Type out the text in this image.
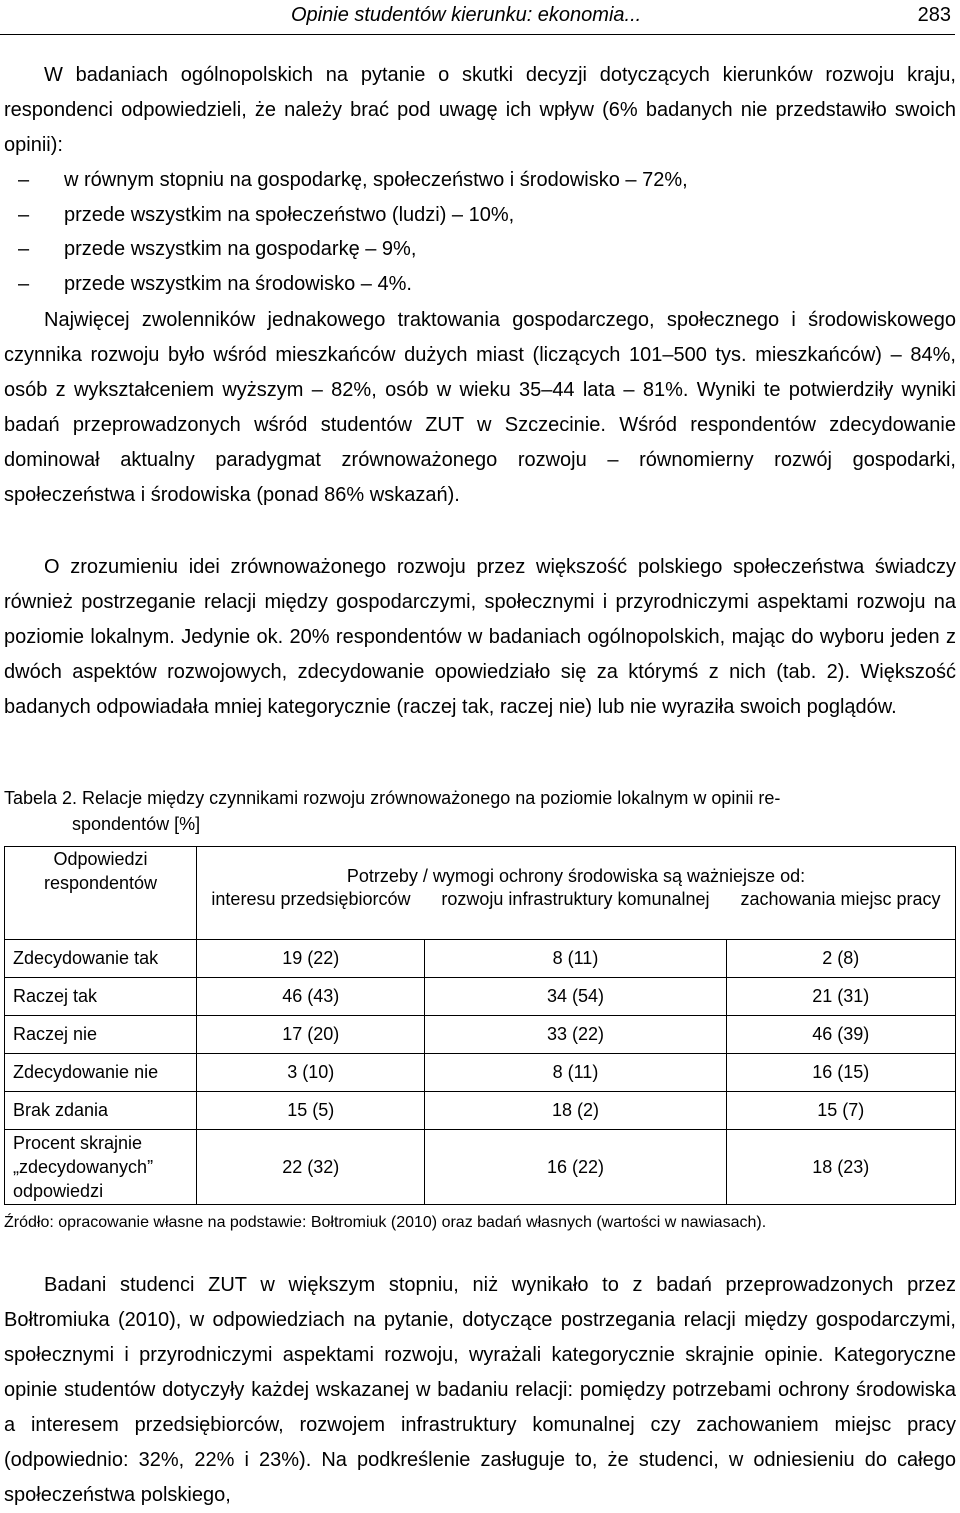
Opinie studentów kierunku: ekonomia...	283
W badaniach ogólnopolskich na pytanie o skutki decyzji dotyczących kierunków rozwoju kraju, respondenci odpowiedzieli, że należy brać pod uwagę ich wpływ (6% badanych nie przedstawiło swoich opinii):
– w równym stopniu na gospodarkę, społeczeństwo i środowisko – 72%,
– przede wszystkim na społeczeństwo (ludzi) – 10%,
– przede wszystkim na gospodarkę – 9%,
– przede wszystkim na środowisko – 4%.
Najwięcej zwolenników jednakowego traktowania gospodarczego, społecznego i środowiskowego czynnika rozwoju było wśród mieszkańców dużych miast (liczących 101–500 tys. mieszkańców) – 84%, osób z wykształceniem wyższym – 82%, osób w wieku 35–44 lata – 81%. Wyniki te potwierdziły wyniki badań przeprowadzonych wśród studentów ZUT w Szczecinie. Wśród respondentów zdecydowanie dominował aktualny paradygmat zrównoważonego rozwoju – równomierny rozwój gospodarki, społeczeństwa i środowiska (ponad 86% wskazań).
O zrozumieniu idei zrównoważonego rozwoju przez większość polskiego społeczeństwa świadczy również postrzeganie relacji między gospodarczymi, społecznymi i przyrodniczymi aspektami rozwoju na poziomie lokalnym. Jedynie ok. 20% respondentów w badaniach ogólnopolskich, mając do wyboru jeden z dwóch aspektów rozwojowych, zdecydowanie opowiedziało się za którymś z nich (tab. 2). Większość badanych odpowiadała mniej kategorycznie (raczej tak, raczej nie) lub nie wyraziła swoich poglądów.
Tabela 2. Relacje między czynnikami rozwoju zrównoważonego na poziomie lokalnym w opinii re-
spondentów [%]
Odpowiedzi respondentów	Potrzeby / wymogi ochrony środowiska są ważniejsze od:		
	interesu przedsiębiorców	rozwoju infrastruktury komunalnej	zachowania miejsc pracy
Zdecydowanie tak	19 (22)	8 (11)	2 (8)
Raczej tak	46 (43)	34 (54)	21 (31)
Raczej nie	17 (20)	33 (22)	46 (39)
Zdecydowanie nie	3 (10)	8 (11)	16 (15)
Brak zdania	15 (5)	18 (2)	15 (7)
Procent skrajnie „zdecydowanych” odpowiedzi	22 (32)	16 (22)	18 (23)
Źródło: opracowanie własne na podstawie: Bołtromiuk (2010) oraz badań własnych (wartości w nawiasach).
Badani studenci ZUT w większym stopniu, niż wynikało to z badań przeprowadzonych przez Bołtromiuka (2010), w odpowiedziach na pytanie, dotyczące postrzegania relacji między gospodarczymi, społecznymi i przyrodniczymi aspektami rozwoju, wyrażali kategorycznie skrajnie opinie. Kategoryczne opinie studentów dotyczyły każdej wskazanej w badaniu relacji: pomiędzy potrzebami ochrony środowiska a interesem przedsiębiorców, rozwojem infrastruktury komunalnej czy zachowaniem miejsc pracy (odpowiednio: 32%, 22% i 23%). Na podkreślenie zasługuje to, że studenci, w odniesieniu do całego społeczeństwa polskiego,
